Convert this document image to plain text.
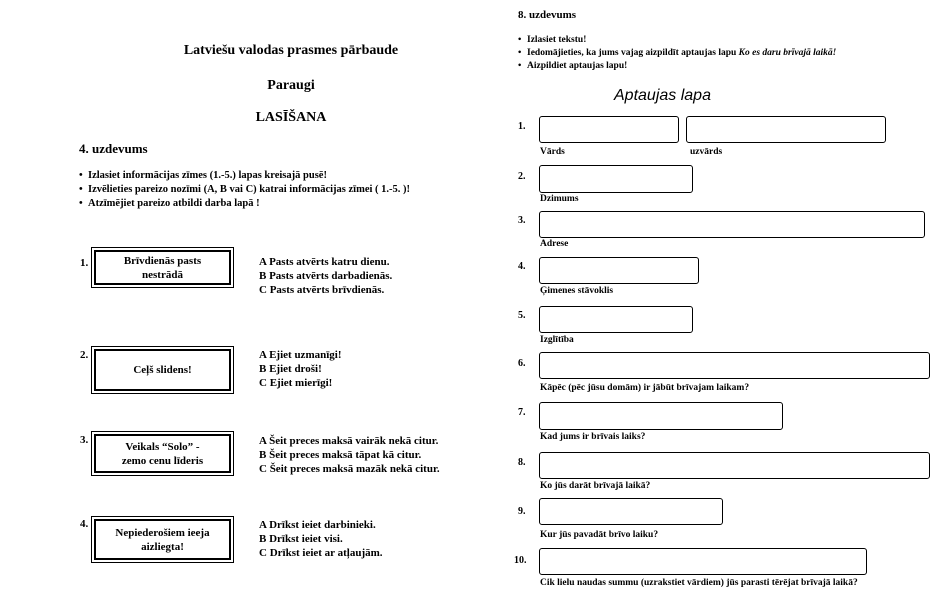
Latviešu valodas prasmes pārbaude
Paraugi
LASĪŠANA
4. uzdevums
• Izlasiet informācijas zīmes (1.-5.) lapas kreisajā pusē!
• Izvēlieties pareizo nozīmi (A, B vai C) katrai informācijas zīmei ( 1.-5. )!
• Atzīmējiet pareizo atbildi darba lapā !
1.	Brīvdienās pasts
nestrādā
A Pasts atvērts katru dienu.
B Pasts atvērts darbadienās.
C Pasts atvērts brīvdienās.
2.
Ceļš slidens!
A Ejiet uzmanīgi!
B Ejiet droši!
C Ejiet mierīgi!
3.
Veikals “Solo” -
zemo cenu līderis
A Šeit preces maksā vairāk nekā citur.
B Šeit preces maksā tāpat kā citur.
C Šeit preces maksā mazāk nekā citur.
4.
Nepiederošiem ieeja
aizliegta!
A Drīkst ieiet darbinieki.
B Drīkst ieiet visi.
C Drīkst ieiet ar atļaujām.
8. uzdevums
• Izlasiet tekstu!
• Iedomājieties, ka jums vajag aizpildīt aptaujas lapu Ko es daru brīvajā laikā!
• Aizpildiet aptaujas lapu!
Aptaujas lapa
1.
Vārds	uzvārds
2.
Dzimums
3.
Adrese
4.
Ģimenes stāvoklis
5.
Izglītība
6.
Kāpēc (pēc jūsu domām) ir jābūt brīvajam laikam?
7.
Kad jums ir brīvais laiks?
8.
Ko jūs darāt brīvajā laikā?
9.
Kur jūs pavadāt brīvo laiku?
10.
Cik lielu naudas summu (uzrakstiet vārdiem) jūs parasti tērējat brīvajā laikā?
